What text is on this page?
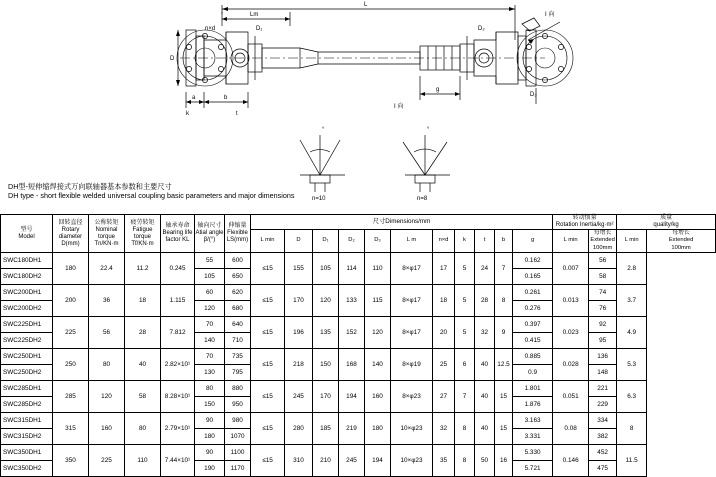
Lm
L
D
a	b
k	t
g
I 向
I 向
n=10	n=8
°	°
n×d	D₁	D₂
D₃
DH型-短伸缩焊接式万向联轴器基本参数和主要尺寸
DH type - short flexible welded universal coupling basic parameters and major dimensions
型号
Model	回转直径
Rotary
diameter
D(mm)	公称转矩
Nominal
torque
Tn/KN·m	疲劳转矩
Fatigue
torque
Tf/KN·m	轴承寿命
Bearing life
factor KL	轴向尺寸
Atial angle
β/(°)	伸缩量
Flexible
LS(mm)	尺寸Dimensions/mm											转动惯量
Rotation Inertia/kg·m²		质量
quality/kg	
							L min	D	D₁	D₂	D₃	L m	n×d	k	t	b	g	L min	每增长
Extended
100mm	L min	每增长
Extended
100mm
SWC180DH1	180	22.4	11.2	0.245	55	600	≤15	155	105	114	110	8×φ17	17	5	24	7	0.162	0.007	56	2.8	
SWC180DH2					105	650											0.165		58		
SWC200DH1	200	36	18	1.115	60	620	≤15	170	120	133	115	8×φ17	18	5	28	8	0.261	0.013	74	3.7	
SWC200DH2					120	680											0.276		76		
SWC225DH1	225	56	28	7.812	70	640	≤15	196	135	152	120	8×φ17	20	5	32	9	0.397	0.023	92	4.9	
SWC225DH2					140	710											0.415		95		
SWC250DH1	250	80	40	2.82×10¹	70	735	≤15	218	150	168	140	8×φ19	25	6	40	12.5	0.885	0.028	136	5.3	
SWC250DH2					130	795											0.9		148		
SWC285DH1	285	120	58	8.28×10¹	80	880	≤15	245	170	194	160	8×φ23	27	7	40	15	1.801	0.051	221	6.3	
SWC285DH2					150	950											1.876		229		
SWC315DH1	315	160	80	2.79×10¹	90	980	≤15	280	185	219	180	10×φ23	32	8	40	15	3.163	0.08	334	8	
SWC315DH2					180	1070											3.331		382		
SWC350DH1	350	225	110	7.44×10¹	90	1100	≤15	310	210	245	194	10×φ23	35	8	50	16	5.330	0.146	452	11.5	
SWC350DH2					190	1170											5.721		475		
